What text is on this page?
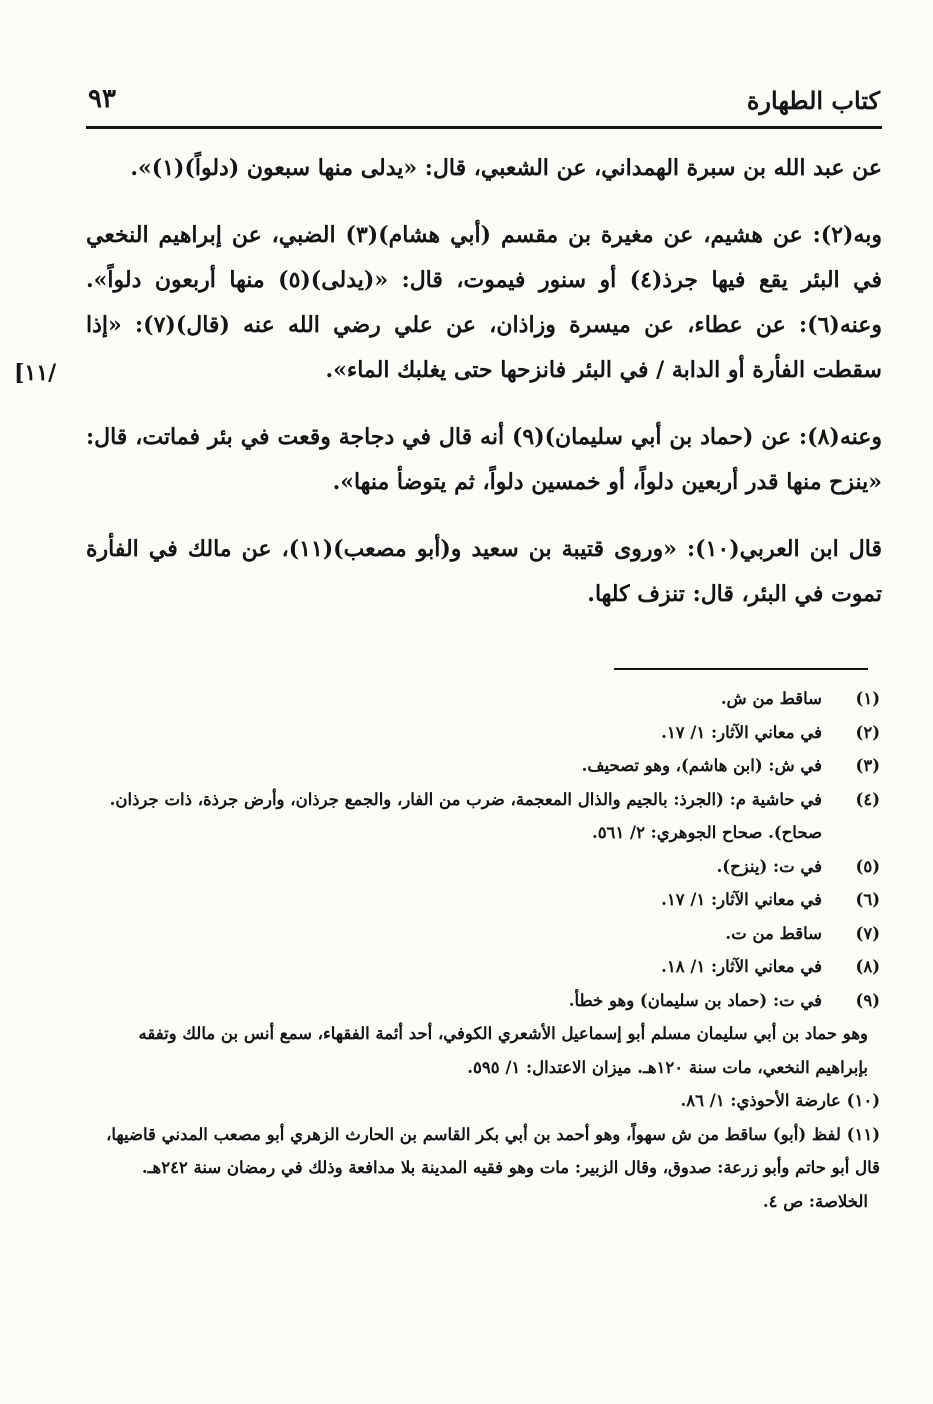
كتاب الطهارة
٩٣

عن عبد الله بن سبرة الهمداني، عن الشعبي، قال: «يدلى منها سبعون (دلواً)(١)».

وبه(٢): عن هشيم، عن مغيرة بن مقسم (أبي هشام)(٣) الضبي، عن إبراهيم النخعي في البئر يقع فيها جرذ(٤) أو سنور فيموت، قال: «(يدلى)(٥) منها أربعون دلواً». وعنه(٦): عن عطاء، عن ميسرة وزاذان، عن علي رضي الله عنه (قال)(٧): «إذا سقطت الفأرة أو الدابة / في البئر فانزحها حتى يغلبك الماء».

وعنه(٨): عن (حماد بن أبي سليمان)(٩) أنه قال في دجاجة وقعت في بئر فماتت، قال: «ينزح منها قدر أربعين دلواً، أو خمسين دلواً، ثم يتوضأ منها».

قال ابن العربي(١٠): «وروى قتيبة بن سعيد و(أبو مصعب)(١١)، عن مالك في الفأرة تموت في البئر، قال: تنزف كلها.

[١١/
(١)
ساقط من ش.
(٢)
في معاني الآثار: ١/ ١٧.
(٣)
في ش: (ابن هاشم)، وهو تصحيف.
(٤)
في حاشية م: (الجرذ: بالجيم والذال المعجمة، ضرب من الفار، والجمع جرذان، وأرض جرذة، ذات جرذان. صحاح). صحاح الجوهري: ٢/ ٥٦١.
(٥)
في ت: (ينزح).
(٦)
في معاني الآثار: ١/ ١٧.
(٧)
ساقط من ت.
(٨)
في معاني الآثار: ١/ ١٨.
(٩)
في ت: (حماد بن سليمان) وهو خطأ.
وهو حماد بن أبي سليمان مسلم أبو إسماعيل الأشعري الكوفي، أحد أئمة الفقهاء، سمع أنس بن مالك وتفقه بإبراهيم النخعي، مات سنة ١٢٠هـ. ميزان الاعتدال: ١/ ٥٩٥.
(١٠) عارضة الأحوذي: ١/ ٨٦.
(١١) لفظ (أبو) ساقط من ش سهواً، وهو أحمد بن أبي بكر القاسم بن الحارث الزهري أبو مصعب المدني قاضيها، قال أبو حاتم وأبو زرعة: صدوق، وقال الزبير: مات وهو فقيه المدينة بلا مدافعة وذلك في رمضان سنة ٢٤٢هـ.
الخلاصة: ص ٤.
